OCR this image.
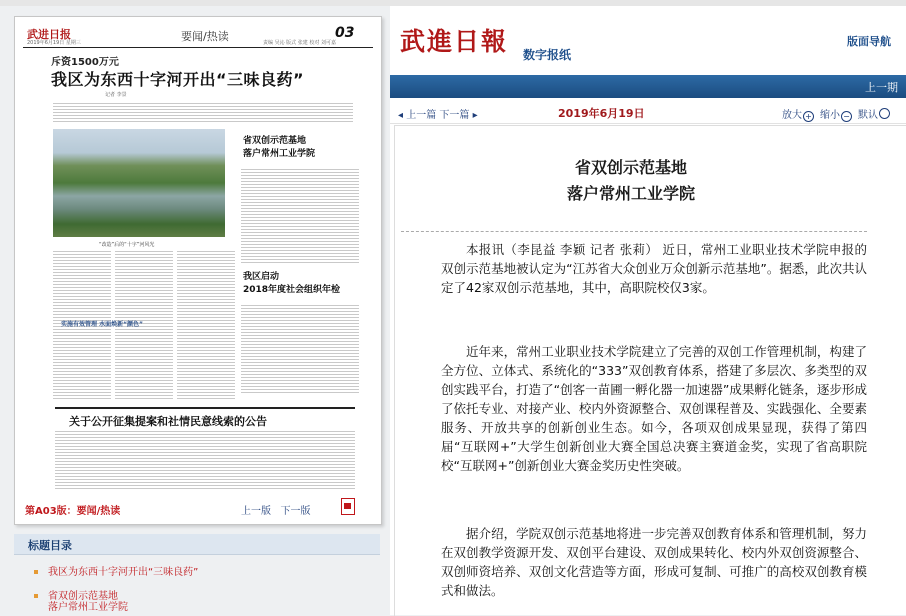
武进日报	要闻/热读	03
2019年6月19日 星期三	责编 吴沁 版式 张建 校对 刘可嘉
斥资1500万元
我区为东西十字河开出“三味良药”
记者 李景
“改造”后的“十字”河风光
省双创示范基地
落户常州工业学院
我区启动
2018年度社会组织年检
实施有效管理 水面焕新“颜色”
关于公开征集提案和社情民意线索的公告
第A03版：要闻/热读	上一版 下一版
标题目录
我区为东西十字河开出“三味良药”
省双创示范基地
落户常州工业学院
武進日報 数字报纸
版面导航
上一期
◂ 上一篇 下一篇 ▸	2019年6月19日	放大 + 缩小 − 默认
省双创示范基地
落户常州工业学院
本报讯（李昆益 李颖 记者 张莉） 近日，常州工业职业技术学院申报的双创示范基地被认定为“江苏省大众创业万众创新示范基地”。据悉，此次共认定了42家双创示范基地，其中，高职院校仅3家。
近年来，常州工业职业技术学院建立了完善的双创工作管理机制，构建了全方位、立体式、系统化的“333”双创教育体系，搭建了多层次、多类型的双创实践平台，打造了“创客一苗圃一孵化器一加速器”成果孵化链条，逐步形成了依托专业、对接产业、校内外资源整合、双创课程普及、实践强化、全要素服务、开放共享的创新创业生态。如今，各项双创成果显现，获得了第四届“互联网+”大学生创新创业大赛全国总决赛主赛道金奖，实现了省高职院校“互联网+”创新创业大赛金奖历史性突破。
据介绍，学院双创示范基地将进一步完善双创教育体系和管理机制，努力在双创教学资源开发、双创平台建设、双创成果转化、校内外双创资源整合、双创师资培养、双创文化营造等方面，形成可复制、可推广的高校双创教育模式和做法。
